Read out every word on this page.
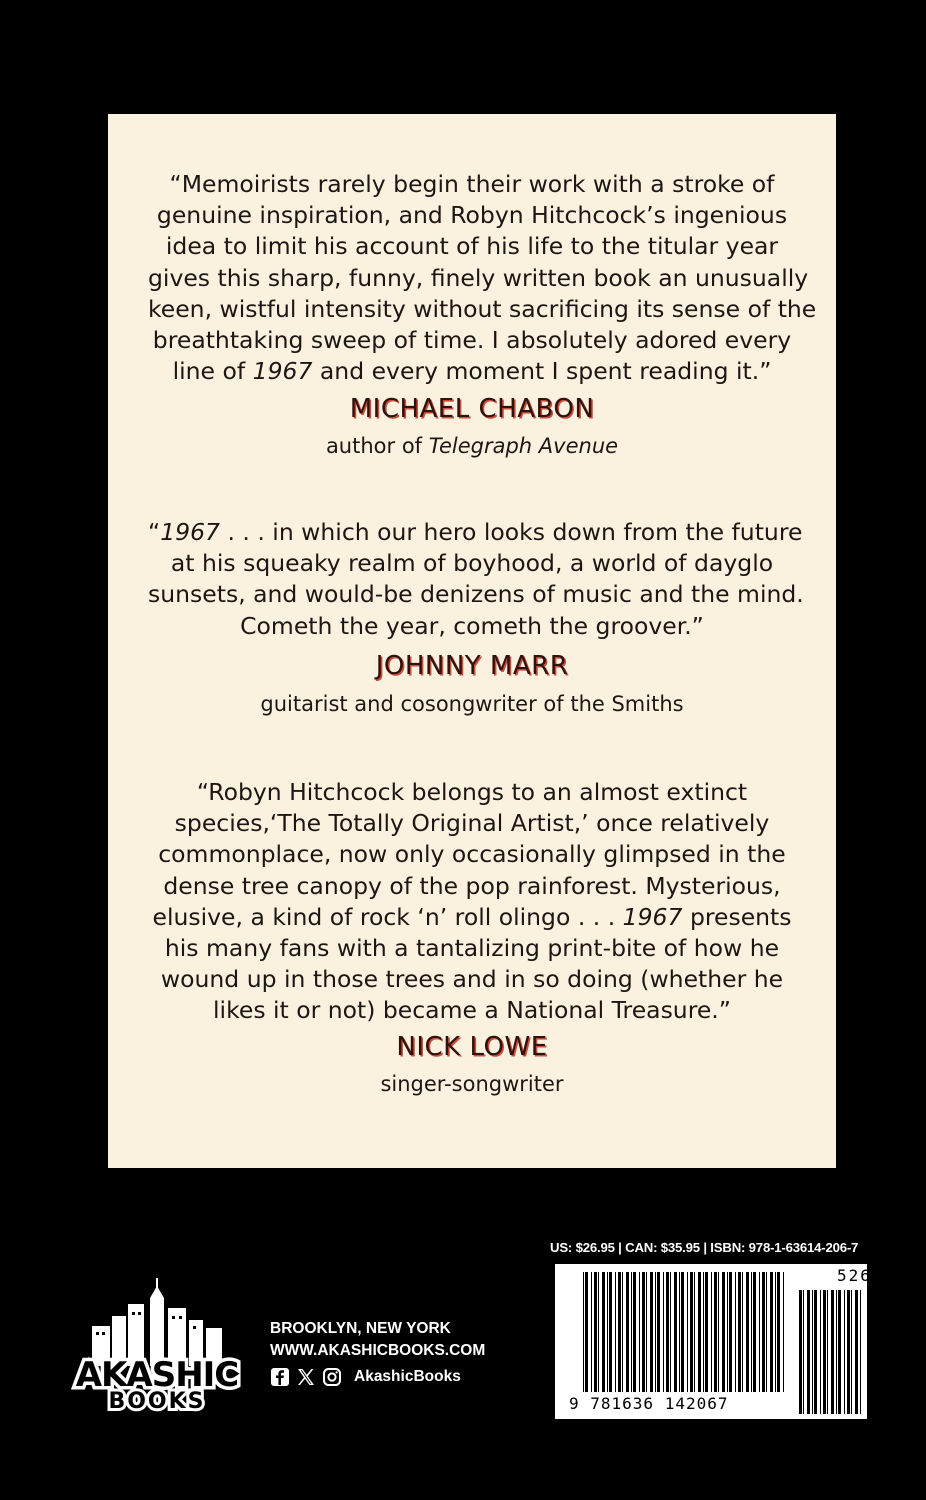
“Memoirists rarely begin their work with a stroke of
genuine inspiration, and Robyn Hitchcock’s ingenious
idea to limit his account of his life to the titular year
gives this sharp, funny, finely written book an unusually
keen, wistful intensity without sacrificing its sense of the
breathtaking sweep of time. I absolutely adored every
line of 1967 and every moment I spent reading it.”

MICHAEL CHABON
author of Telegraph Avenue

“1967 . . . in which our hero looks down from the future
at his squeaky realm of boyhood, a world of dayglo
sunsets, and would-be denizens of music and the mind.
Cometh the year, cometh the groover.”

JOHNNY MARR
guitarist and cosongwriter of the Smiths

“Robyn Hitchcock belongs to an almost extinct
species,‘The Totally Original Artist,’ once relatively
commonplace, now only occasionally glimpsed in the
dense tree canopy of the pop rainforest. Mysterious,
elusive, a kind of rock ‘n’ roll olingo . . . 1967 presents
his many fans with a tantalizing print-bite of how he
wound up in those trees and in so doing (whether he
likes it or not) became a National Treasure.”

NICK LOWE
singer-songwriter
AKASHIC
BOOKS
BROOKLYN, NEW YORK
WWW.AKASHICBOOKS.COM
AkashicBooks
US: $26.95 | CAN: $35.95 | ISBN: 978-1-63614-206-7
52695
9 781636 142067
